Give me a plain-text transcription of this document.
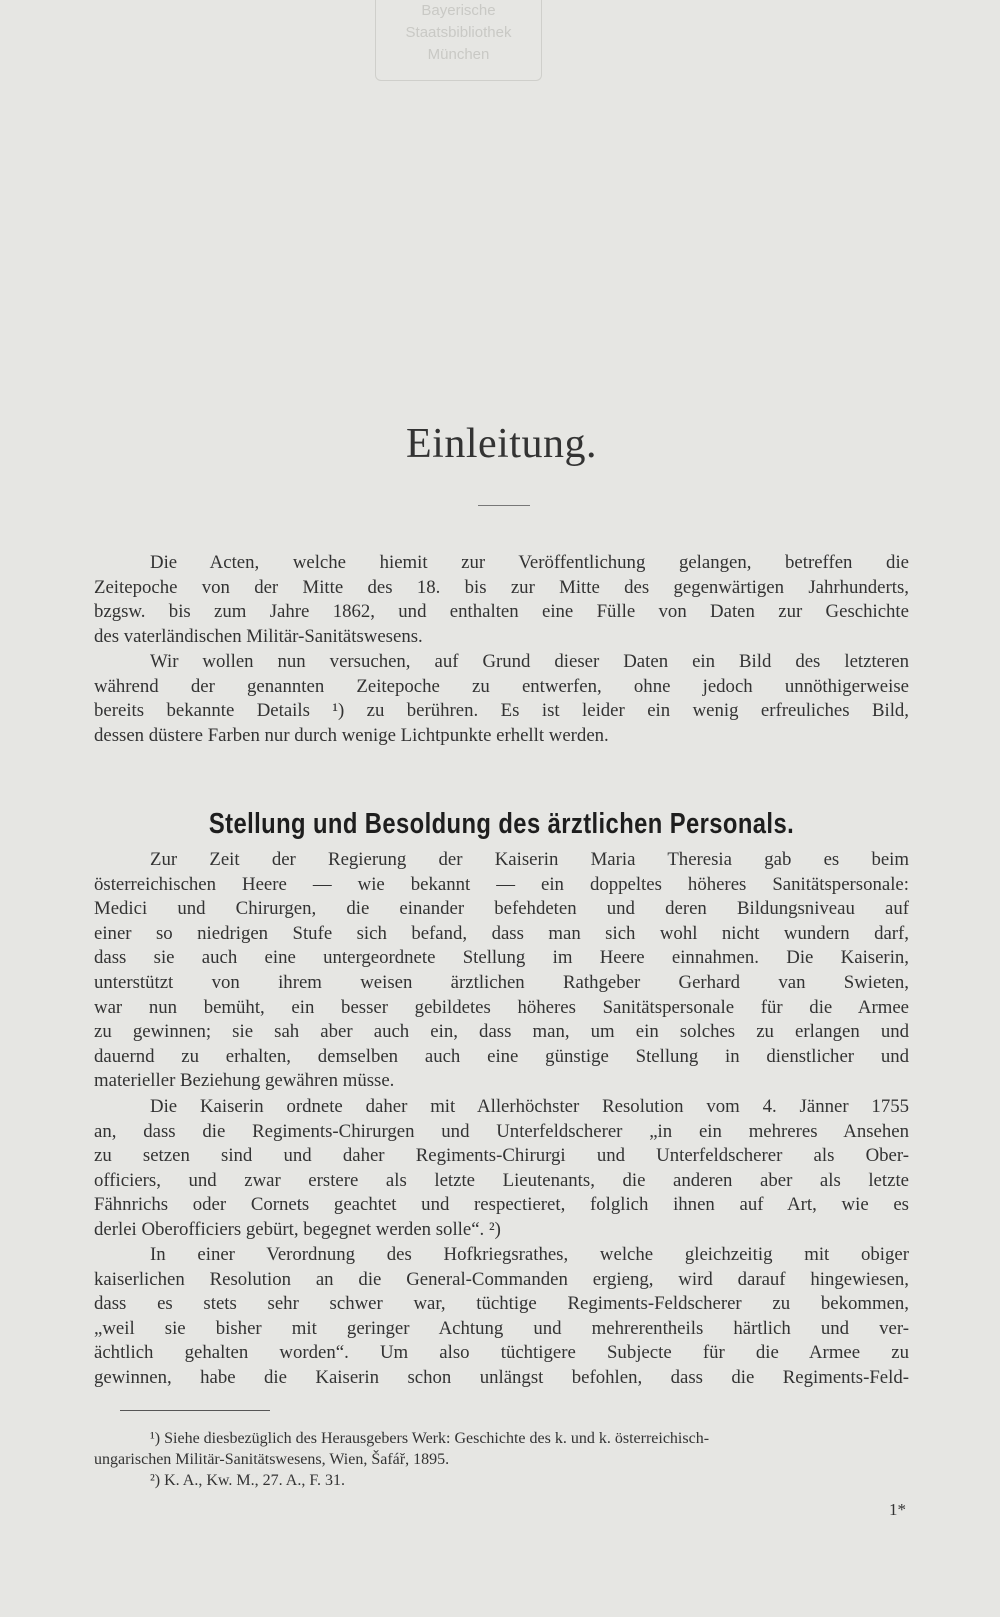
Bayerische
Staatsbibliothek
München
Einleitung.
Die Acten, welche hiemit zur Veröffentlichung gelangen, betreffen die
Zeitepoche von der Mitte des 18. bis zur Mitte des gegenwärtigen Jahrhunderts,
bzgsw. bis zum Jahre 1862, und enthalten eine Fülle von Daten zur Geschichte
des vaterländischen Militär-Sanitätswesens.
Wir wollen nun versuchen, auf Grund dieser Daten ein Bild des letzteren
während der genannten Zeitepoche zu entwerfen, ohne jedoch unnöthigerweise
bereits bekannte Details ¹) zu berühren. Es ist leider ein wenig erfreuliches Bild,
dessen düstere Farben nur durch wenige Lichtpunkte erhellt werden.
Stellung und Besoldung des ärztlichen Personals.
Zur Zeit der Regierung der Kaiserin Maria Theresia gab es beim
österreichischen Heere — wie bekannt — ein doppeltes höheres Sanitätspersonale:
Medici und Chirurgen, die einander befehdeten und deren Bildungsniveau auf
einer so niedrigen Stufe sich befand, dass man sich wohl nicht wundern darf,
dass sie auch eine untergeordnete Stellung im Heere einnahmen. Die Kaiserin,
unterstützt von ihrem weisen ärztlichen Rathgeber Gerhard van Swieten,
war nun bemüht, ein besser gebildetes höheres Sanitätspersonale für die Armee
zu gewinnen; sie sah aber auch ein, dass man, um ein solches zu erlangen und
dauernd zu erhalten, demselben auch eine günstige Stellung in dienstlicher und
materieller Beziehung gewähren müsse.
Die Kaiserin ordnete daher mit Allerhöchster Resolution vom 4. Jänner 1755
an, dass die Regiments-Chirurgen und Unterfeldscherer „in ein mehreres Ansehen
zu setzen sind und daher Regiments-Chirurgi und Unterfeldscherer als Ober-
officiers, und zwar erstere als letzte Lieutenants, die anderen aber als letzte
Fähnrichs oder Cornets geachtet und respectieret, folglich ihnen auf Art, wie es
derlei Oberofficiers gebürt, begegnet werden solle“. ²)
In einer Verordnung des Hofkriegsrathes, welche gleichzeitig mit obiger
kaiserlichen Resolution an die General-Commanden ergieng, wird darauf hingewiesen,
dass es stets sehr schwer war, tüchtige Regiments-Feldscherer zu bekommen,
„weil sie bisher mit geringer Achtung und mehrerentheils härtlich und ver-
ächtlich gehalten worden“. Um also tüchtigere Subjecte für die Armee zu
gewinnen, habe die Kaiserin schon unlängst befohlen, dass die Regiments-Feld-
¹) Siehe diesbezüglich des Herausgebers Werk: Geschichte des k. und k. österreichisch-
ungarischen Militär-Sanitätswesens, Wien, Šafář, 1895.
²) K. A., Kw. M., 27. A., F. 31.
1*
